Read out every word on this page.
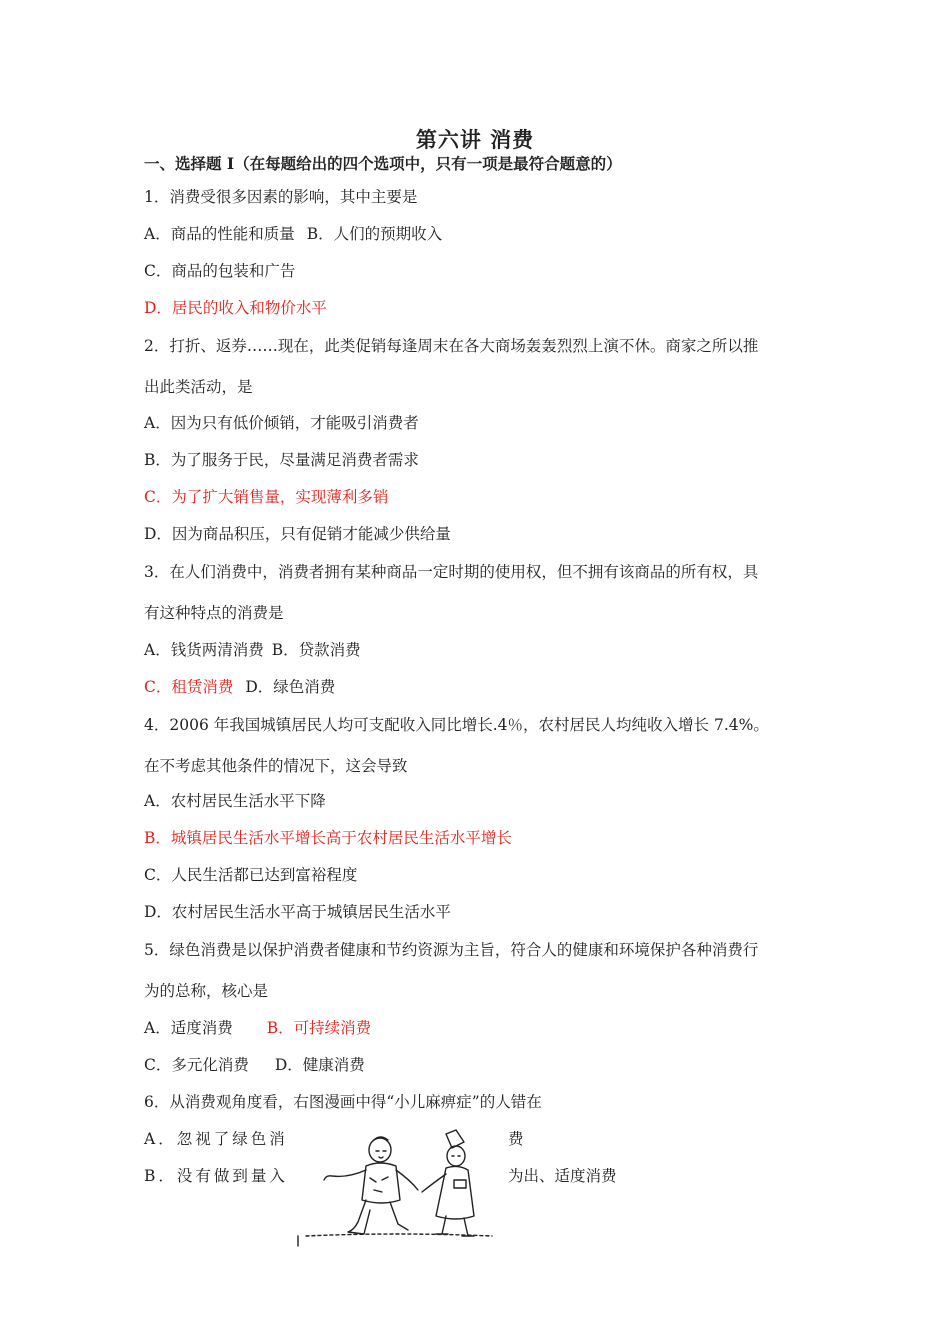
第六讲 消费
一、选择题 I（在每题给出的四个选项中，只有一项是最符合题意的）
1．消费受很多因素的影响，其中主要是
A．商品的性能和质量 B．人们的预期收入
C．商品的包装和广告
D．居民的收入和物价水平
2．打折、返券……现在，此类促销每逢周末在各大商场轰轰烈烈上演不休。商家之所以推
出此类活动，是
A．因为只有低价倾销，才能吸引消费者
B．为了服务于民，尽量满足消费者需求
C．为了扩大销售量，实现薄利多销
D．因为商品积压，只有促销才能减少供给量
3．在人们消费中，消费者拥有某种商品一定时期的使用权，但不拥有该商品的所有权，具
有这种特点的消费是
A．钱货两清消费 B．贷款消费
C．租赁消费 D．绿色消费
4．2006 年我国城镇居民人均可支配收入同比增长.4％，农村居民人均纯收入增长 7.4%。
在不考虑其他条件的情况下，这会导致
A．农村居民生活水平下降
B．城镇居民生活水平增长高于农村居民生活水平增长
C．人民生活都已达到富裕程度
D．农村居民生活水平高于城镇居民生活水平
5．绿色消费是以保护消费者健康和节约资源为主旨，符合人的健康和环境保护各种消费行
为的总称，核心是
A．适度消费 B．可持续消费
C．多元化消费 D．健康消费
6．从消费观角度看，右图漫画中得“小儿麻痹症”的人错在
A．忽视了绿色消	费
B．没有做到量入	为出、适度消费
